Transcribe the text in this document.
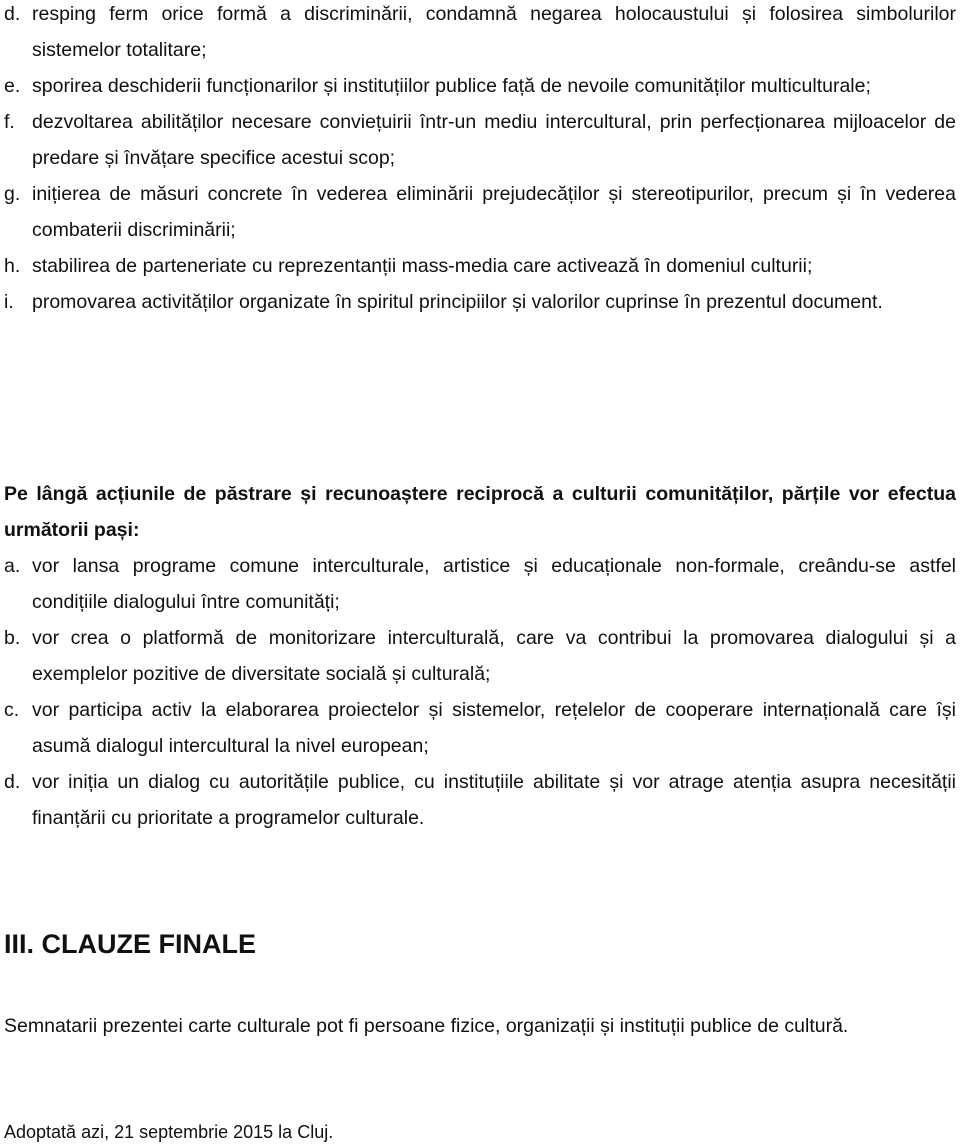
d. resping ferm orice formă a discriminării, condamnă negarea holocaustului și folosirea simbolurilor sistemelor totalitare;
e. sporirea deschiderii funcționarilor și instituțiilor publice față de nevoile comunităților multiculturale;
f. dezvoltarea abilităților necesare conviețuirii într-un mediu intercultural, prin perfecționarea mijloacelor de predare și învățare specifice acestui scop;
g. inițierea de măsuri concrete în vederea eliminării prejudecăților și stereotipurilor, precum și în vederea combaterii discriminării;
h. stabilirea de parteneriate cu reprezentanții mass-media care activează în domeniul culturii;
i. promovarea activităților organizate în spiritul principiilor și valorilor cuprinse în prezentul document.

Pe lângă acțiunile de păstrare și recunoaștere reciprocă a culturii comunităților, părțile vor efectua următorii pași:

a. vor lansa programe comune interculturale, artistice și educaționale non-formale, creându-se astfel condițiile dialogului între comunități;
b. vor crea o platformă de monitorizare interculturală, care va contribui la promovarea dialogului și a exemplelor pozitive de diversitate socială și culturală;
c. vor participa activ la elaborarea proiectelor și sistemelor, rețelelor de cooperare internațională care își asumă dialogul intercultural la nivel european;
d. vor iniția un dialog cu autoritățile publice, cu instituțiile abilitate și vor atrage atenția asupra necesității finanțării cu prioritate a programelor culturale.
III. CLAUZE FINALE

Semnatarii prezentei carte culturale pot fi persoane fizice, organizații și instituții publice de cultură.

Adoptată azi, 21 septembrie 2015 la Cluj.
